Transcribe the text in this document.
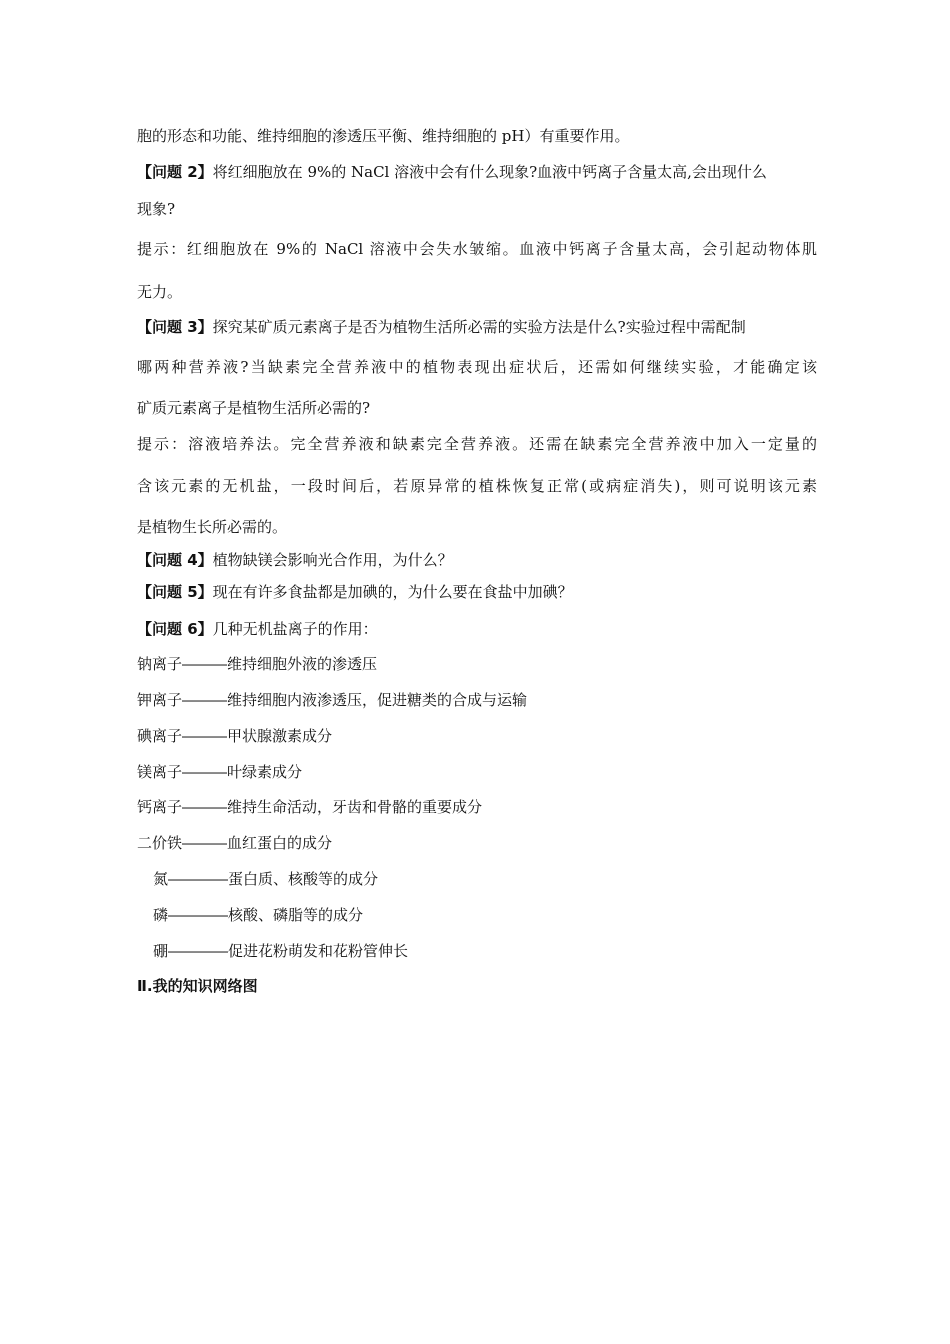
胞的形态和功能、维持细胞的渗透压平衡、维持细胞的 pH）有重要作用。
【问题 2】将红细胞放在 9%的 NaCl 溶液中会有什么现象?血液中钙离子含量太高,会出现什么
现象?
提示：红细胞放在 9%的 NaCl 溶液中会失水皱缩。血液中钙离子含量太高，会引起动物体肌
无力。
【问题 3】探究某矿质元素离子是否为植物生活所必需的实验方法是什么?实验过程中需配制
哪两种营养液?当缺素完全营养液中的植物表现出症状后，还需如何继续实验，才能确定该
矿质元素离子是植物生活所必需的?
提示：溶液培养法。完全营养液和缺素完全营养液。还需在缺素完全营养液中加入一定量的
含该元素的无机盐，一段时间后，若原异常的植株恢复正常(或病症消失)，则可说明该元素
是植物生长所必需的。
【问题 4】植物缺镁会影响光合作用，为什么？
【问题 5】现在有许多食盐都是加碘的，为什么要在食盐中加碘？
【问题 6】几种无机盐离子的作用：
钠离子―――维持细胞外液的渗透压
钾离子―――维持细胞内液渗透压，促进糖类的合成与运输
碘离子―――甲状腺激素成分
镁离子―――叶绿素成分
钙离子―――维持生命活动，牙齿和骨骼的重要成分
二价铁―――血红蛋白的成分
氮――――蛋白质、核酸等的成分
磷――――核酸、磷脂等的成分
硼――――促进花粉萌发和花粉管伸长
Ⅱ.我的知识网络图
